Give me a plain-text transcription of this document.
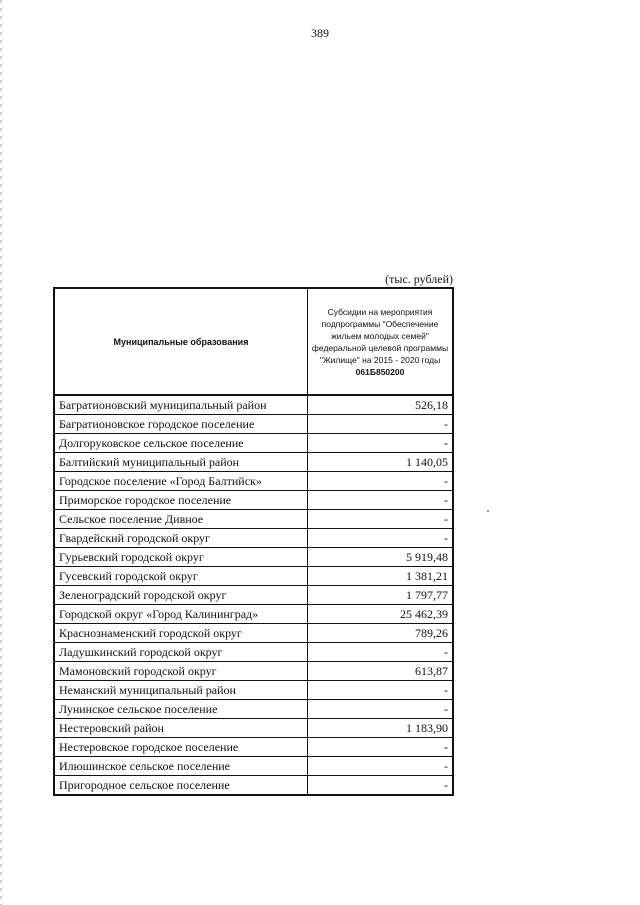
389
(тыс. рублей)
Муниципальные образования	Субсидии на мероприятия подпрограммы "Обеспечение жильем молодых семей" федеральной целевой программы "Жилище" на 2015 - 2020 годы
061Б850200

Багратионовский муниципальный район	526,18
Багратионовское городское поселение	-
Долгоруковское сельское поселение	-
Балтийский муниципальный район	1 140,05
Городское поселение «Город Балтийск»	-
Приморское городское поселение	-
Сельское поселение Дивное	-
Гвардейский городской округ	-
Гурьевский городской округ	5 919,48
Гусевский городской округ	1 381,21
Зеленоградский городской округ	1 797,77
Городской округ «Город Калининград»	25 462,39
Краснознаменский городской округ	789,26
Ладушкинский городской округ	-
Мамоновский городской округ	613,87
Неманский муниципальный район	-
Лунинское сельское поселение	-
Нестеровский район	1 183,90
Нестеровское городское поселение	-
Илюшинское сельское поселение	-
Пригородное сельское поселение	-
